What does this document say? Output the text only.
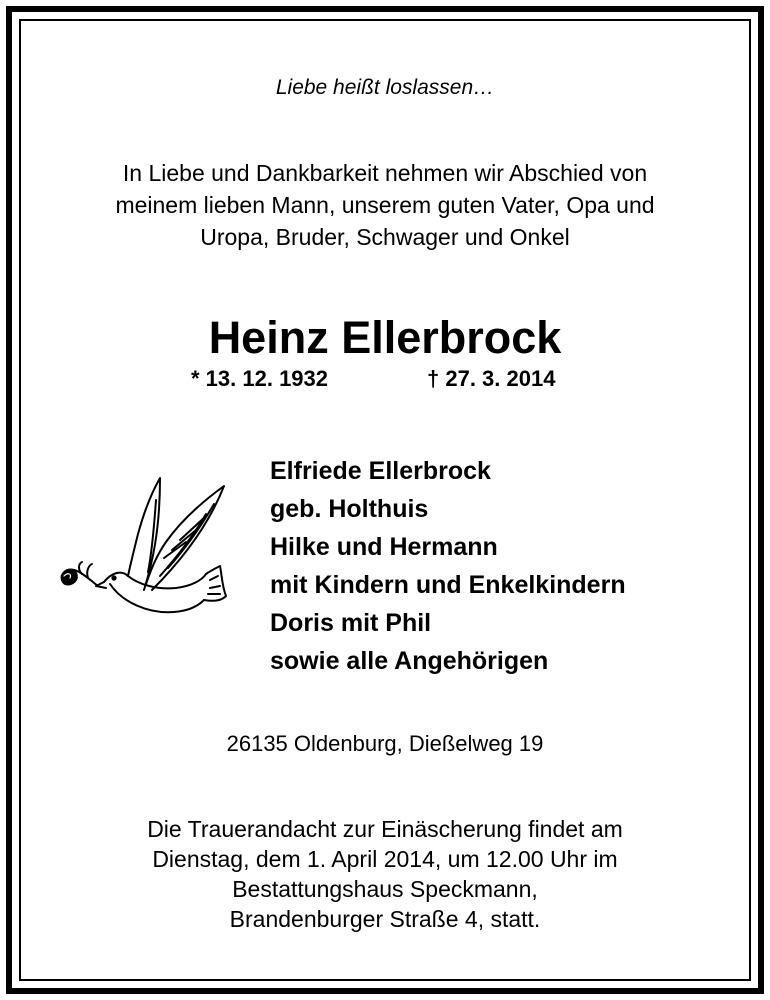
Liebe heißt loslassen…
In Liebe und Dankbarkeit nehmen wir Abschied von
meinem lieben Mann, unserem guten Vater, Opa und
Uropa, Bruder, Schwager und Onkel
Heinz Ellerbrock
* 13. 12. 1932	† 27. 3. 2014
Elfriede Ellerbrock
geb. Holthuis
Hilke und Hermann
mit Kindern und Enkelkindern
Doris mit Phil
sowie alle Angehörigen
26135 Oldenburg, Dießelweg 19
Die Trauerandacht zur Einäscherung findet am
Dienstag, dem 1. April 2014, um 12.00 Uhr im
Bestattungshaus Speckmann,
Brandenburger Straße 4, statt.
